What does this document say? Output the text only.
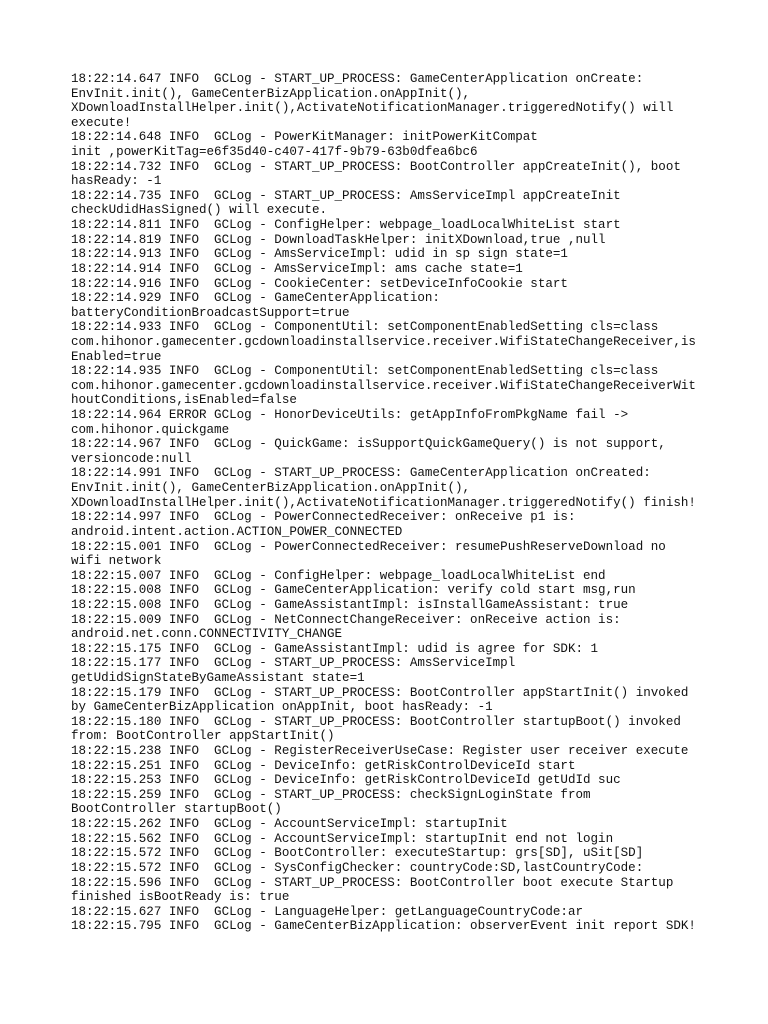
18:22:14.647 INFO  GCLog - START_UP_PROCESS: GameCenterApplication onCreate:
EnvInit.init(), GameCenterBizApplication.onAppInit(),
XDownloadInstallHelper.init(),ActivateNotificationManager.triggeredNotify() will
execute!
18:22:14.648 INFO  GCLog - PowerKitManager: initPowerKitCompat
init ,powerKitTag=e6f35d40-c407-417f-9b79-63b0dfea6bc6
18:22:14.732 INFO  GCLog - START_UP_PROCESS: BootController appCreateInit(), boot
hasReady: -1
18:22:14.735 INFO  GCLog - START_UP_PROCESS: AmsServiceImpl appCreateInit
checkUdidHasSigned() will execute.
18:22:14.811 INFO  GCLog - ConfigHelper: webpage_loadLocalWhiteList start
18:22:14.819 INFO  GCLog - DownloadTaskHelper: initXDownload,true ,null
18:22:14.913 INFO  GCLog - AmsServiceImpl: udid in sp sign state=1
18:22:14.914 INFO  GCLog - AmsServiceImpl: ams cache state=1
18:22:14.916 INFO  GCLog - CookieCenter: setDeviceInfoCookie start
18:22:14.929 INFO  GCLog - GameCenterApplication:
batteryConditionBroadcastSupport=true
18:22:14.933 INFO  GCLog - ComponentUtil: setComponentEnabledSetting cls=class
com.hihonor.gamecenter.gcdownloadinstallservice.receiver.WifiStateChangeReceiver,is
Enabled=true
18:22:14.935 INFO  GCLog - ComponentUtil: setComponentEnabledSetting cls=class
com.hihonor.gamecenter.gcdownloadinstallservice.receiver.WifiStateChangeReceiverWit
houtConditions,isEnabled=false
18:22:14.964 ERROR GCLog - HonorDeviceUtils: getAppInfoFromPkgName fail ->
com.hihonor.quickgame
18:22:14.967 INFO  GCLog - QuickGame: isSupportQuickGameQuery() is not support,
versioncode:null
18:22:14.991 INFO  GCLog - START_UP_PROCESS: GameCenterApplication onCreated:
EnvInit.init(), GameCenterBizApplication.onAppInit(),
XDownloadInstallHelper.init(),ActivateNotificationManager.triggeredNotify() finish!
18:22:14.997 INFO  GCLog - PowerConnectedReceiver: onReceive p1 is:
android.intent.action.ACTION_POWER_CONNECTED
18:22:15.001 INFO  GCLog - PowerConnectedReceiver: resumePushReserveDownload no
wifi network
18:22:15.007 INFO  GCLog - ConfigHelper: webpage_loadLocalWhiteList end
18:22:15.008 INFO  GCLog - GameCenterApplication: verify cold start msg,run
18:22:15.008 INFO  GCLog - GameAssistantImpl: isInstallGameAssistant: true
18:22:15.009 INFO  GCLog - NetConnectChangeReceiver: onReceive action is:
android.net.conn.CONNECTIVITY_CHANGE
18:22:15.175 INFO  GCLog - GameAssistantImpl: udid is agree for SDK: 1
18:22:15.177 INFO  GCLog - START_UP_PROCESS: AmsServiceImpl
getUdidSignStateByGameAssistant state=1
18:22:15.179 INFO  GCLog - START_UP_PROCESS: BootController appStartInit() invoked
by GameCenterBizApplication onAppInit, boot hasReady: -1
18:22:15.180 INFO  GCLog - START_UP_PROCESS: BootController startupBoot() invoked
from: BootController appStartInit()
18:22:15.238 INFO  GCLog - RegisterReceiverUseCase: Register user receiver execute
18:22:15.251 INFO  GCLog - DeviceInfo: getRiskControlDeviceId start
18:22:15.253 INFO  GCLog - DeviceInfo: getRiskControlDeviceId getUdId suc
18:22:15.259 INFO  GCLog - START_UP_PROCESS: checkSignLoginState from
BootController startupBoot()
18:22:15.262 INFO  GCLog - AccountServiceImpl: startupInit
18:22:15.562 INFO  GCLog - AccountServiceImpl: startupInit end not login
18:22:15.572 INFO  GCLog - BootController: executeStartup: grs[SD], uSit[SD]
18:22:15.572 INFO  GCLog - SysConfigChecker: countryCode:SD,lastCountryCode:
18:22:15.596 INFO  GCLog - START_UP_PROCESS: BootController boot execute Startup
finished isBootReady is: true
18:22:15.627 INFO  GCLog - LanguageHelper: getLanguageCountryCode:ar
18:22:15.795 INFO  GCLog - GameCenterBizApplication: observerEvent init report SDK!
